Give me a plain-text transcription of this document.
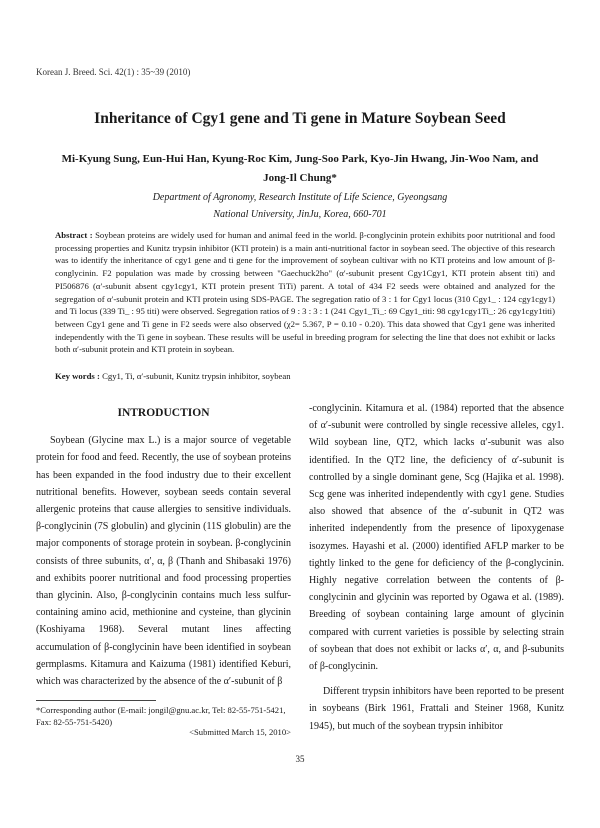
Korean J. Breed. Sci. 42(1) : 35~39 (2010)
Inheritance of Cgy1 gene and Ti gene in Mature Soybean Seed
Mi-Kyung Sung, Eun-Hui Han, Kyung-Roc Kim, Jung-Soo Park, Kyo-Jin Hwang, Jin-Woo Nam, and Jong-Il Chung*
Department of Agronomy, Research Institute of Life Science, Gyeongsang
National University, JinJu, Korea, 660-701
Abstract : Soybean proteins are widely used for human and animal feed in the world. β-conglycinin protein exhibits poor nutritional and food processing properties and Kunitz trypsin inhibitor (KTI protein) is a main anti-nutritional factor in soybean seed. The objective of this research was to identify the inheritance of cgy1 gene and ti gene for the improvement of soybean cultivar with no KTI proteins and low amount of β-conglycinin. F2 population was made by crossing between "Gaechuck2ho" (α′-subunit present Cgy1Cgy1, KTI protein absent titi) and PI506876 (α′-subunit absent cgy1cgy1, KTI protein present TiTi) parent. A total of 434 F2 seeds were obtained and analyzed for the segregation of α′-subunit protein and KTI protein using SDS-PAGE. The segregation ratio of 3 : 1 for Cgy1 locus (310 Cgy1_ : 124 cgy1cgy1) and Ti locus (339 Ti_ : 95 titi) were observed. Segregation ratios of 9 : 3 : 3 : 1 (241 Cgy1_Ti_: 69 Cgy1_titi: 98 cgy1cgy1Ti_: 26 cgy1cgy1titi) between Cgy1 gene and Ti gene in F2 seeds were also observed (χ2= 5.367, P = 0.10 - 0.20). This data showed that Cgy1 gene was inherited independently with the Ti gene in soybean. These results will be useful in breeding program for selecting the line that does not exhibit or lacks both α′-subunit protein and KTI protein in soybean.
Key words : Cgy1, Ti, α′-subunit, Kunitz trypsin inhibitor, soybean

INTRODUCTION

Soybean (Glycine max L.) is a major source of vegetable protein for food and feed. Recently, the use of soybean proteins has been expanded in the food industry due to their excellent nutritional benefits. However, soybean seeds contain several allergenic proteins that cause allergies to sensitive individuals. β-conglycinin (7S globulin) and glycinin (11S globulin) are the major components of storage protein in soybean. β-conglycinin consists of three subunits, α′, α, β (Thanh and Shibasaki 1976) and exhibits poorer nutritional and food processing properties than glycinin. Also, β-conglycinin contains much less sulfur-containing amino acid, methionine and cysteine, than glycinin (Koshiyama 1968). Several mutant lines affecting accumulation of β-conglycinin have been identified in soybean germplasms. Kitamura and Kaizuma (1981) identified Keburi, which was characterized by the absence of the α′-subunit of β

-conglycinin. Kitamura et al. (1984) reported that the absence of α′-subunit were controlled by single recessive alleles, cgy1. Wild soybean line, QT2, which lacks α′-subunit was also identified. In the QT2 line, the deficiency of α′-subunit is controlled by a single dominant gene, Scg (Hajika et al. 1998). Scg gene was inherited independently with cgy1 gene. Studies also showed that absence of the α′-subunit in QT2 was inherited independently from the presence of lipoxygenase isozymes. Hayashi et al. (2000) identified AFLP marker to be tightly linked to the gene for deficiency of the β-conglycinin. Highly negative correlation between the contents of β-conglycinin and glycinin was reported by Ogawa et al. (1989). Breeding of soybean containing large amount of glycinin compared with current varieties is possible by selecting strain of soybean that does not exhibit or lacks α′, α, and β-subunits of β-conglycinin.

Different trypsin inhibitors have been reported to be present in soybeans (Birk 1961, Frattali and Steiner 1968, Kunitz 1945), but much of the soybean trypsin inhibitor

*Corresponding author (E-mail: jongil@gnu.ac.kr, Tel: 82-55-751-5421, Fax: 82-55-751-5420)
<Submitted March 15, 2010>
35
